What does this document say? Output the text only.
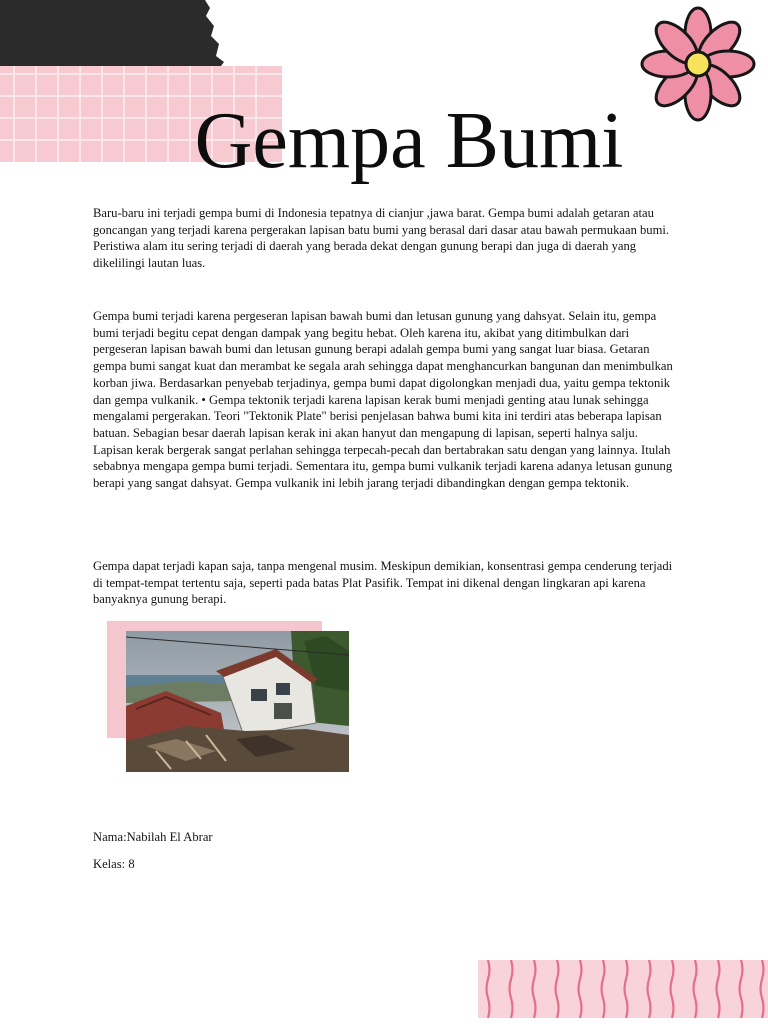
Gempa Bumi

Baru-baru ini terjadi gempa bumi di Indonesia tepatnya di cianjur ,jawa barat. Gempa bumi adalah getaran atau goncangan yang terjadi karena pergerakan lapisan batu bumi yang berasal dari dasar atau bawah permukaan bumi. Peristiwa alam itu sering terjadi di daerah yang berada dekat dengan gunung berapi dan juga di daerah yang dikelilingi lautan luas.

Gempa bumi terjadi karena pergeseran lapisan bawah bumi dan letusan gunung yang dahsyat. Selain itu, gempa bumi terjadi begitu cepat dengan dampak yang begitu hebat. Oleh karena itu, akibat yang ditimbulkan dari pergeseran lapisan bawah bumi dan letusan gunung berapi adalah gempa bumi yang sangat luar biasa. Getaran gempa bumi sangat kuat dan merambat ke segala arah sehingga dapat menghancurkan bangunan dan menimbulkan korban jiwa. Berdasarkan penyebab terjadinya, gempa bumi dapat digolongkan menjadi dua, yaitu gempa tektonik dan gempa vulkanik. • Gempa tektonik terjadi karena lapisan kerak bumi menjadi genting atau lunak sehingga mengalami pergerakan. Teori "Tektonik Plate" berisi penjelasan bahwa bumi kita ini terdiri atas beberapa lapisan batuan. Sebagian besar daerah lapisan kerak ini akan hanyut dan mengapung di lapisan, seperti halnya salju. Lapisan kerak bergerak sangat perlahan sehingga terpecah-pecah dan bertabrakan satu dengan yang lainnya. Itulah sebabnya mengapa gempa bumi terjadi. Sementara itu, gempa bumi vulkanik terjadi karena adanya letusan gunung berapi yang sangat dahsyat. Gempa vulkanik ini lebih jarang terjadi dibandingkan dengan gempa tektonik.

Gempa dapat terjadi kapan saja, tanpa mengenal musim. Meskipun demikian, konsentrasi gempa cenderung terjadi di tempat-tempat tertentu saja, seperti pada batas Plat Pasifik. Tempat ini dikenal dengan lingkaran api karena banyaknya gunung berapi.

Nama:Nabilah El Abrar

Kelas: 8
